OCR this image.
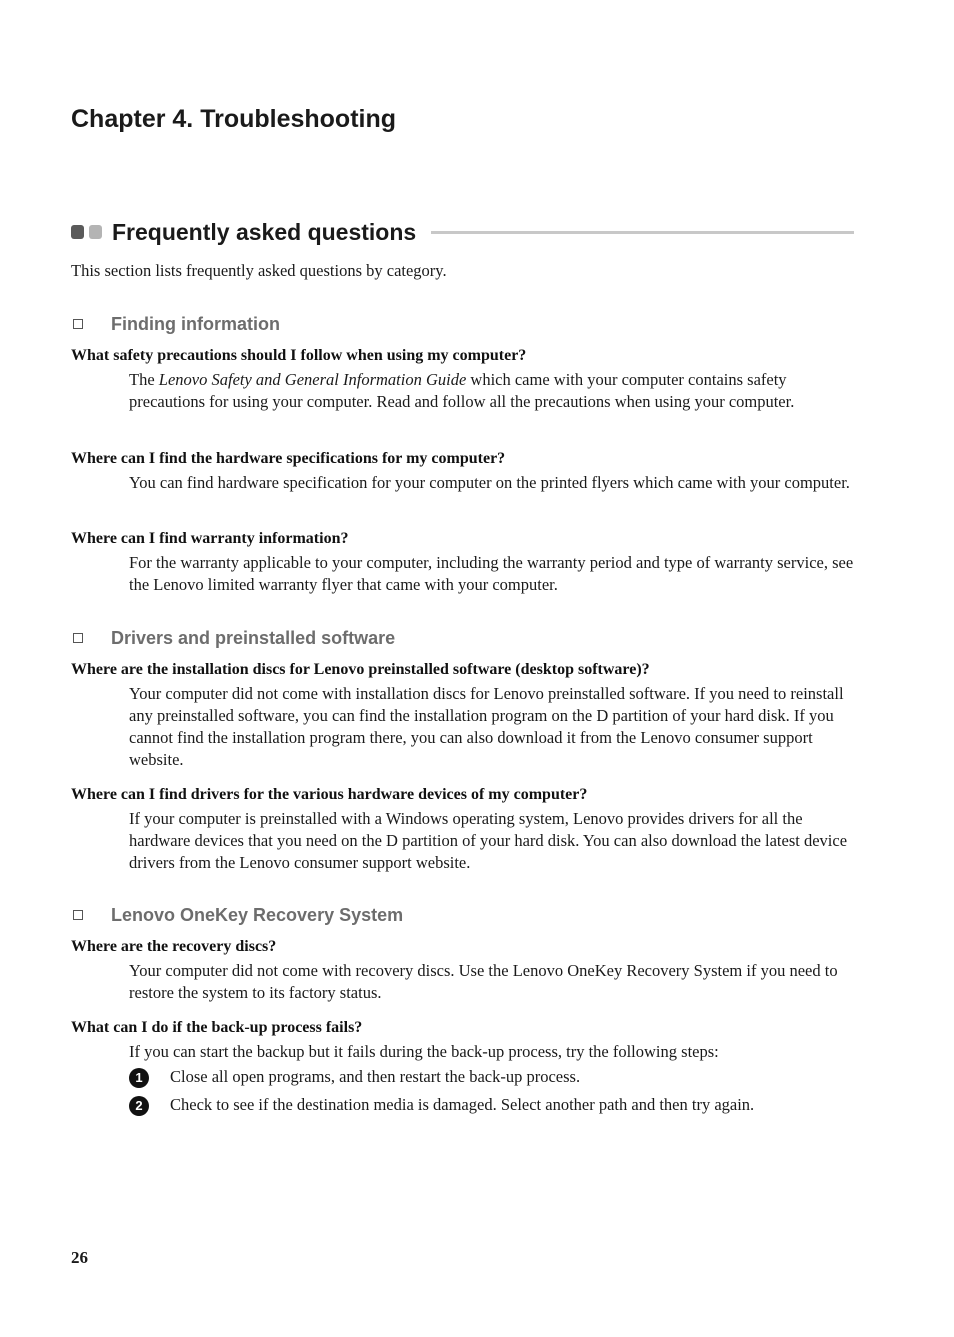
Chapter 4. Troubleshooting
Frequently asked questions

This section lists frequently asked questions by category.

Finding information

What safety precautions should I follow when using my computer?

The Lenovo Safety and General Information Guide which came with your computer contains safety precautions for using your computer. Read and follow all the precautions when using your computer.

Where can I find the hardware specifications for my computer?

You can find hardware specification for your computer on the printed flyers which came with your computer.

Where can I find warranty information?

For the warranty applicable to your computer, including the warranty period and type of warranty service, see the Lenovo limited warranty flyer that came with your computer.

Drivers and preinstalled software

Where are the installation discs for Lenovo preinstalled software (desktop software)?

Your computer did not come with installation discs for Lenovo preinstalled software. If you need to reinstall any preinstalled software, you can find the installation program on the D partition of your hard disk. If you cannot find the installation program there, you can also download it from the Lenovo consumer support website.

Where can I find drivers for the various hardware devices of my computer?

If your computer is preinstalled with a Windows operating system, Lenovo provides drivers for all the hardware devices that you need on the D partition of your hard disk. You can also download the latest device drivers from the Lenovo consumer support website.

Lenovo OneKey Recovery System

Where are the recovery discs?

Your computer did not come with recovery discs. Use the Lenovo OneKey Recovery System if you need to restore the system to its factory status.

What can I do if the back-up process fails?

If you can start the backup but it fails during the back-up process, try the following steps:

1	Close all open programs, and then restart the back-up process.
2	Check to see if the destination media is damaged. Select another path and then try again.

26
